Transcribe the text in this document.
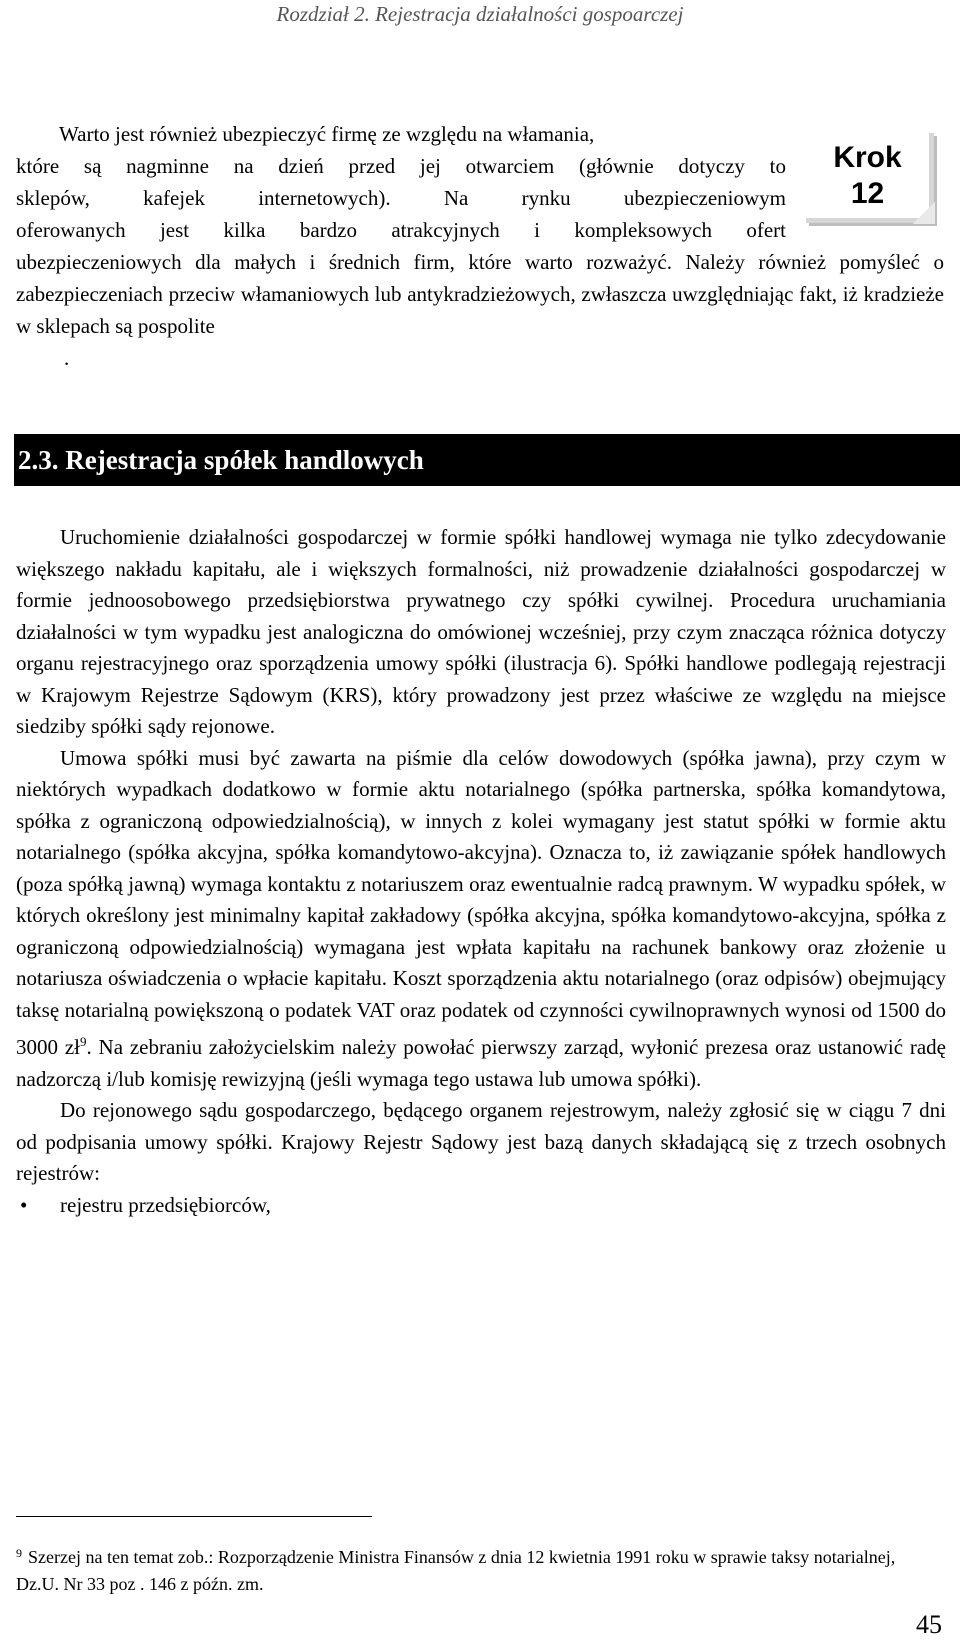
Rozdział 2. Rejestracja działalności gospoarczej
Krok
12
Warto jest również ubezpieczyć firmę ze względu na włamania,
które są nagminne na dzień przed jej otwarciem (głównie dotyczy to
sklepów, kafejek internetowych). Na rynku ubezpieczeniowym
oferowanych jest kilka bardzo atrakcyjnych i kompleksowych ofert

ubezpieczeniowych dla małych i średnich firm, które warto rozważyć. Należy również pomyśleć o zabezpieczeniach przeciw włamaniowych lub antykradzieżowych, zwłaszcza uwzględniając fakt, iż kradzieże w sklepach są pospolite

.
2.3. Rejestracja spółek handlowych

Uruchomienie działalności gospodarczej w formie spółki handlowej wymaga nie tylko zdecydowanie większego nakładu kapitału, ale i większych formalności, niż prowadzenie działalności gospodarczej w formie jednoosobowego przedsiębiorstwa prywatnego czy spółki cywilnej. Procedura uruchamiania działalności w tym wypadku jest analogiczna do omówionej wcześniej, przy czym znacząca różnica dotyczy organu rejestracyjnego oraz sporządzenia umowy spółki (ilustracja 6). Spółki handlowe podlegają rejestracji w Krajowym Rejestrze Sądowym (KRS), który prowadzony jest przez właściwe ze względu na miejsce siedziby spółki sądy rejonowe.

Umowa spółki musi być zawarta na piśmie dla celów dowodowych (spółka jawna), przy czym w niektórych wypadkach dodatkowo w formie aktu notarialnego (spółka partnerska, spółka komandytowa, spółka z ograniczoną odpowiedzialnością), w innych z kolei wymagany jest statut spółki w formie aktu notarialnego (spółka akcyjna, spółka komandytowo-akcyjna). Oznacza to, iż zawiązanie spółek handlowych (poza spółką jawną) wymaga kontaktu z notariuszem oraz ewentualnie radcą prawnym. W wypadku spółek, w których określony jest minimalny kapitał zakładowy (spółka akcyjna, spółka komandytowo-akcyjna, spółka z ograniczoną odpowiedzialnością) wymagana jest wpłata kapitału na rachunek bankowy oraz złożenie u notariusza oświadczenia o wpłacie kapitału. Koszt sporządzenia aktu notarialnego (oraz odpisów) obejmujący taksę notarialną powiększoną o podatek VAT oraz podatek od czynności cywilnoprawnych wynosi od 1500 do 3000 zł$^9$. Na zebraniu założycielskim należy powołać pierwszy zarząd, wyłonić prezesa oraz ustanowić radę nadzorczą i/lub komisję rewizyjną (jeśli wymaga tego ustawa lub umowa spółki).

Do rejonowego sądu gospodarczego, będącego organem rejestrowym, należy zgłosić się w ciągu 7 dni od podpisania umowy spółki. Krajowy Rejestr Sądowy jest bazą danych składającą się z trzech osobnych rejestrów:

• rejestru przedsiębiorców,
$^9$ Szerzej na ten temat zob.: Rozporządzenie Ministra Finansów z dnia 12 kwietnia 1991 roku w sprawie taksy notarialnej, Dz.U. Nr 33 poz . 146 z późn. zm.
45
